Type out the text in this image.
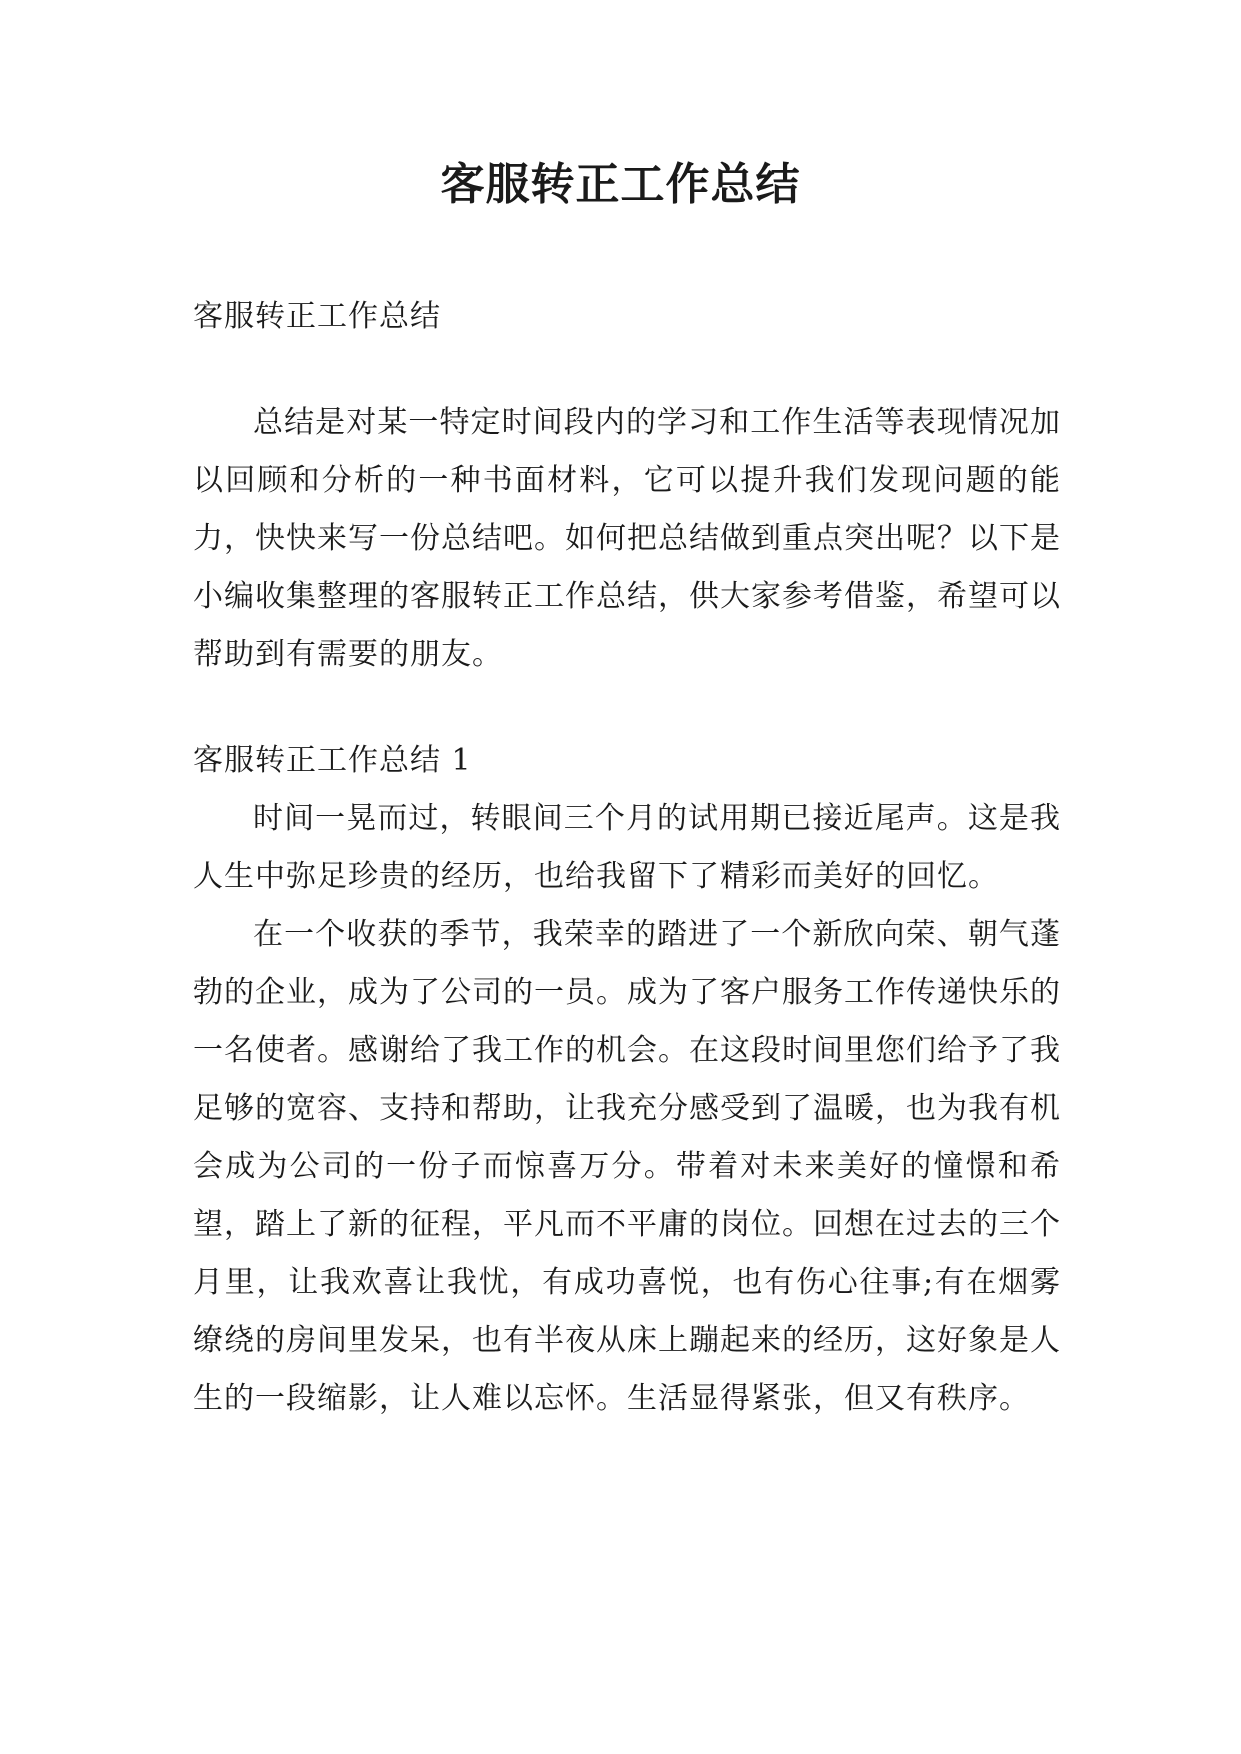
客服转正工作总结

客服转正工作总结

总结是对某一特定时间段内的学习和工作生活等表现情况加以回顾和分析的一种书面材料，它可以提升我们发现问题的能力，快快来写一份总结吧。如何把总结做到重点突出呢？以下是小编收集整理的客服转正工作总结，供大家参考借鉴，希望可以帮助到有需要的朋友。

客服转正工作总结 1

时间一晃而过，转眼间三个月的试用期已接近尾声。这是我人生中弥足珍贵的经历，也给我留下了精彩而美好的回忆。

在一个收获的季节，我荣幸的踏进了一个新欣向荣、朝气蓬勃的企业，成为了公司的一员。成为了客户服务工作传递快乐的一名使者。感谢给了我工作的机会。在这段时间里您们给予了我足够的宽容、支持和帮助，让我充分感受到了温暖，也为我有机会成为公司的一份子而惊喜万分。带着对未来美好的憧憬和希望，踏上了新的征程，平凡而不平庸的岗位。回想在过去的三个月里，让我欢喜让我忧，有成功喜悦，也有伤心往事;有在烟雾缭绕的房间里发呆，也有半夜从床上蹦起来的经历，这好象是人生的一段缩影，让人难以忘怀。生活显得紧张，但又有秩序。
